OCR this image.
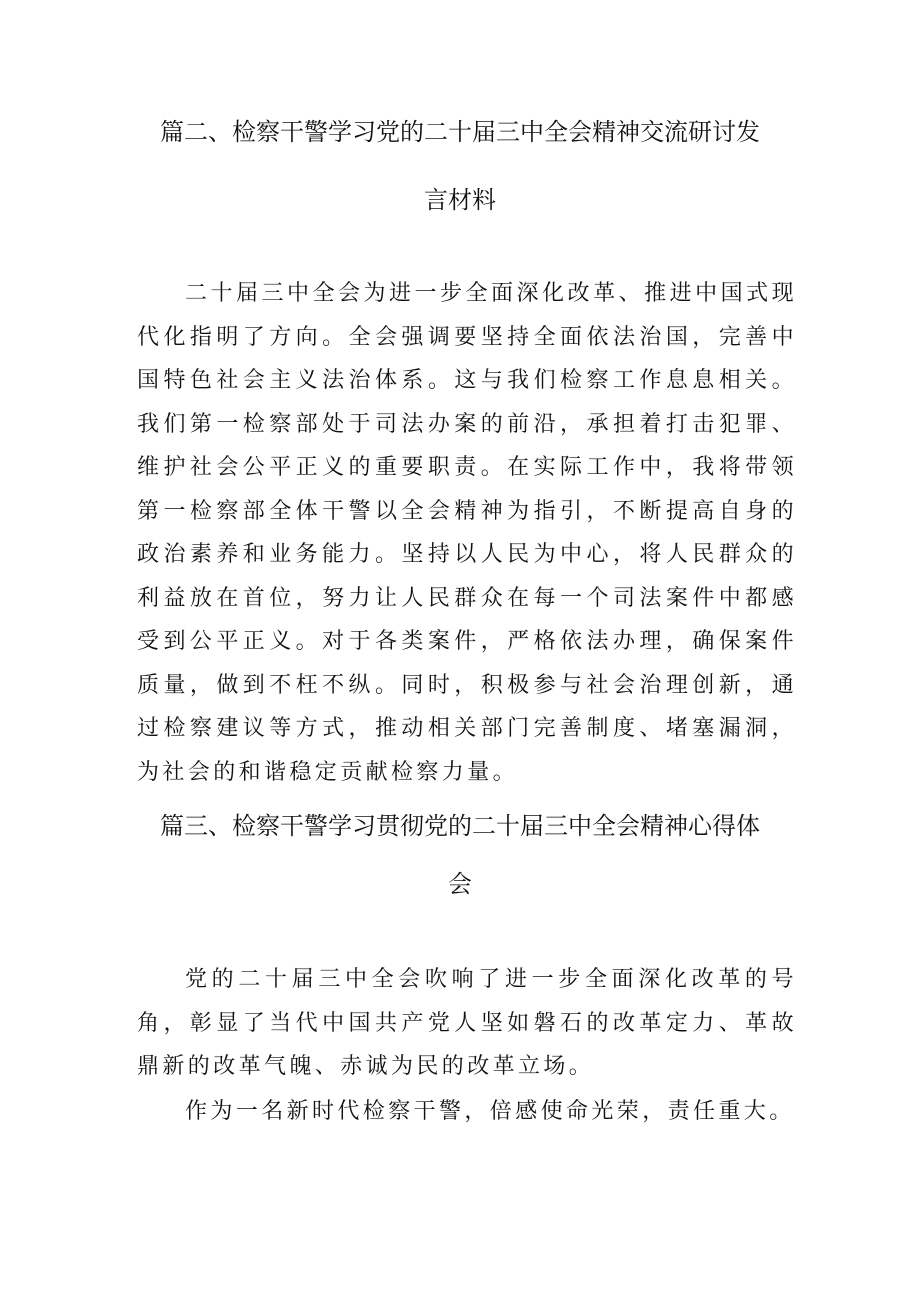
篇二、检察干警学习党的二十届三中全会精神交流研讨发
言材料

二十届三中全会为进一步全面深化改革、推进中国式现代化指明了方向。全会强调要坚持全面依法治国，完善中国特色社会主义法治体系。这与我们检察工作息息相关。我们第一检察部处于司法办案的前沿，承担着打击犯罪、维护社会公平正义的重要职责。在实际工作中，我将带领第一检察部全体干警以全会精神为指引，不断提高自身的政治素养和业务能力。坚持以人民为中心，将人民群众的利益放在首位，努力让人民群众在每一个司法案件中都感受到公平正义。对于各类案件，严格依法办理，确保案件质量，做到不枉不纵。同时，积极参与社会治理创新，通过检察建议等方式，推动相关部门完善制度、堵塞漏洞，为社会的和谐稳定贡献检察力量。

篇三、检察干警学习贯彻党的二十届三中全会精神心得体
会

党的二十届三中全会吹响了进一步全面深化改革的号角，彰显了当代中国共产党人坚如磐石的改革定力、革故鼎新的改革气魄、赤诚为民的改革立场。

作为一名新时代检察干警，倍感使命光荣，责任重大。
